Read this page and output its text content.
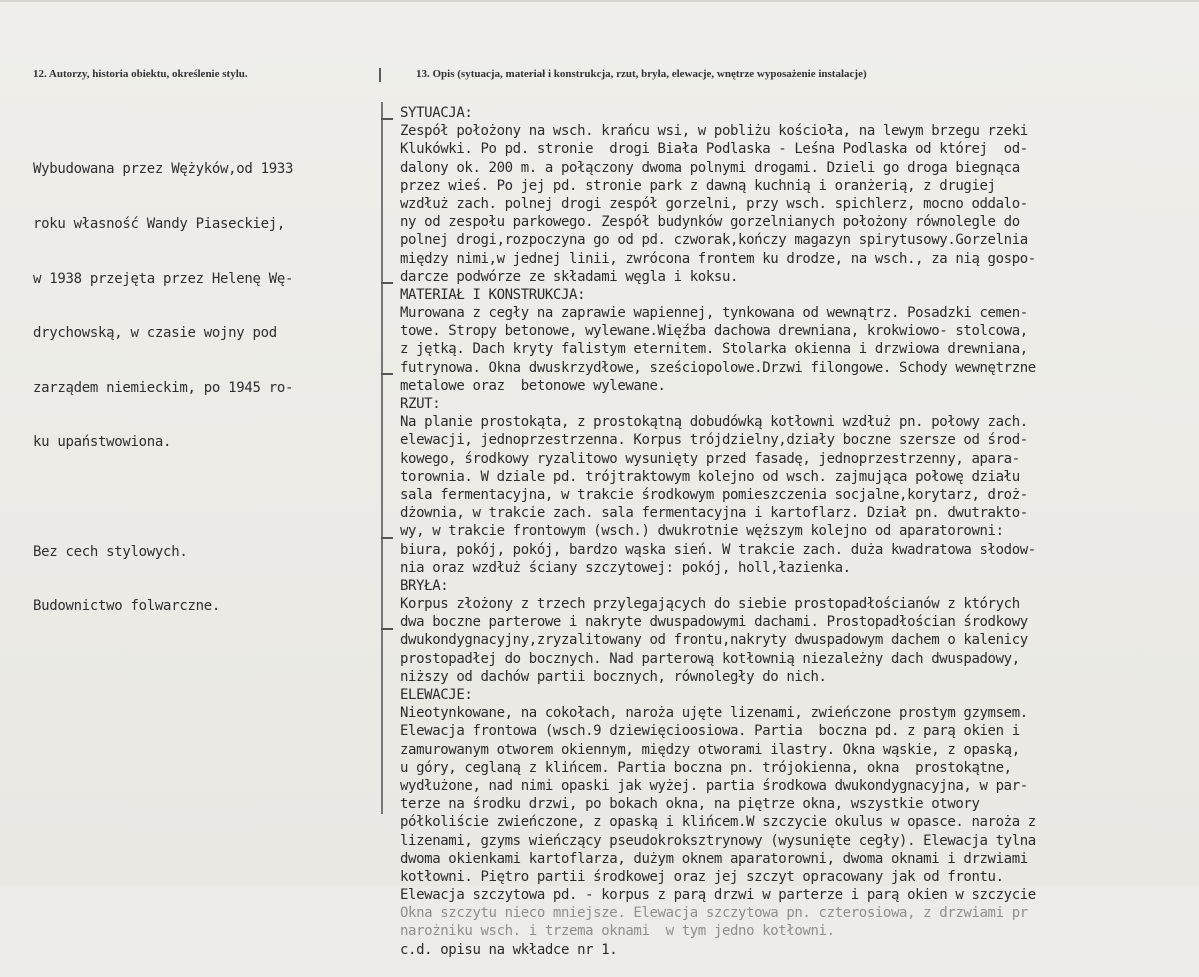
12. Autorzy, historia obiektu, określenie stylu.	13. Opis (sytuacja, materiał i konstrukcja, rzut, bryła, elewacje, wnętrze wyposażenie instalacje)

Wybudowana przez Wężyków,od 1933

roku własność Wandy Piaseckiej,

w 1938 przejęta przez Helenę Wę-

drychowską, w czasie wojny pod

zarządem niemieckim, po 1945 ro-

ku upaństwowiona.

Bez cech stylowych.

Budownictwo folwarczne.

SYTUACJA:
Zespół położony na wsch. krańcu wsi, w pobliżu kościoła, na lewym brzegu rzeki
Klukówki. Po pd. stronie  drogi Biała Podlaska - Leśna Podlaska od której  od-
dalony ok. 200 m. a połączony dwoma polnymi drogami. Dzieli go droga biegnąca
przez wieś. Po jej pd. stronie park z dawną kuchnią i oranżerią, z drugiej
wzdłuż zach. polnej drogi zespół gorzelni, przy wsch. spichlerz, mocno oddalo-
ny od zespołu parkowego. Zespół budynków gorzelnianych położony równolegle do
polnej drogi,rozpoczyna go od pd. czworak,kończy magazyn spirytusowy.Gorzelnia
między nimi,w jednej linii, zwrócona frontem ku drodze, na wsch., za nią gospo-
darcze podwórze ze składami węgla i koksu.
MATERIAŁ I KONSTRUKCJA:
Murowana z cegły na zaprawie wapiennej, tynkowana od wewnątrz. Posadzki cemen-
towe. Stropy betonowe, wylewane.Więźba dachowa drewniana, krokwiowo- stolcowa,
z jętką. Dach kryty falistym eternitem. Stolarka okienna i drzwiowa drewniana,
futrynowa. Okna dwuskrzydłowe, sześciopolowe.Drzwi filongowe. Schody wewnętrzne
metalowe oraz  betonowe wylewane.
RZUT:
Na planie prostokąta, z prostokątną dobudówką kotłowni wzdłuż pn. połowy zach.
elewacji, jednoprzestrzenna. Korpus trójdzielny,działy boczne szersze od środ-
kowego, środkowy ryzalitowo wysunięty przed fasadę, jednoprzestrzenny, apara-
torownia. W dziale pd. trójtraktowym kolejno od wsch. zajmująca połowę działu
sala fermentacyjna, w trakcie środkowym pomieszczenia socjalne,korytarz, droż-
dżownia, w trakcie zach. sala fermentacyjna i kartoflarz. Dział pn. dwutrakto-
wy, w trakcie frontowym (wsch.) dwukrotnie węższym kolejno od aparatorowni:
biura, pokój, pokój, bardzo wąska sień. W trakcie zach. duża kwadratowa słodow-
nia oraz wzdłuż ściany szczytowej: pokój, holl,łazienka.
BRYŁA:
Korpus złożony z trzech przylegających do siebie prostopadłościanów z których
dwa boczne parterowe i nakryte dwuspadowymi dachami. Prostopadłościan środkowy
dwukondygnacyjny,zryzalitowany od frontu,nakryty dwuspadowym dachem o kalenicy
prostopadłej do bocznych. Nad parterową kotłownią niezależny dach dwuspadowy,
niższy od dachów partii bocznych, równoległy do nich.
ELEWACJE:
Nieotynkowane, na cokołach, naroża ujęte lizenami, zwieńczone prostym gzymsem.
Elewacja frontowa (wsch.9 dziewięcioosiowa. Partia  boczna pd. z parą okien i
zamurowanym otworem okiennym, między otworami ilastry. Okna wąskie, z opaską,
u góry, ceglaną z klińcem. Partia boczna pn. trójokienna, okna  prostokątne,
wydłużone, nad nimi opaski jak wyżej. partia środkowa dwukondygnacyjna, w par-
terze na środku drzwi, po bokach okna, na piętrze okna, wszystkie otwory
półkoliście zwieńczone, z opaską i klińcem.W szczycie okulus w opasce. naroża z
lizenami, gzyms wieńczący pseudokroksztrynowy (wysunięte cegły). Elewacja tylna
dwoma okienkami kartoflarza, dużym oknem aparatorowni, dwoma oknami i drzwiami
kotłowni. Piętro partii środkowej oraz jej szczyt opracowany jak od frontu.
Elewacja szczytowa pd. - korpus z parą drzwi w parterze i parą okien w szczycie
Okna szczytu nieco mniejsze. Elewacja szczytowa pn. czterosiowa, z drzwiami pr
narożniku wsch. i trzema oknami  w tym jedno kotłowni.
c.d. opisu na wkładce nr 1.
